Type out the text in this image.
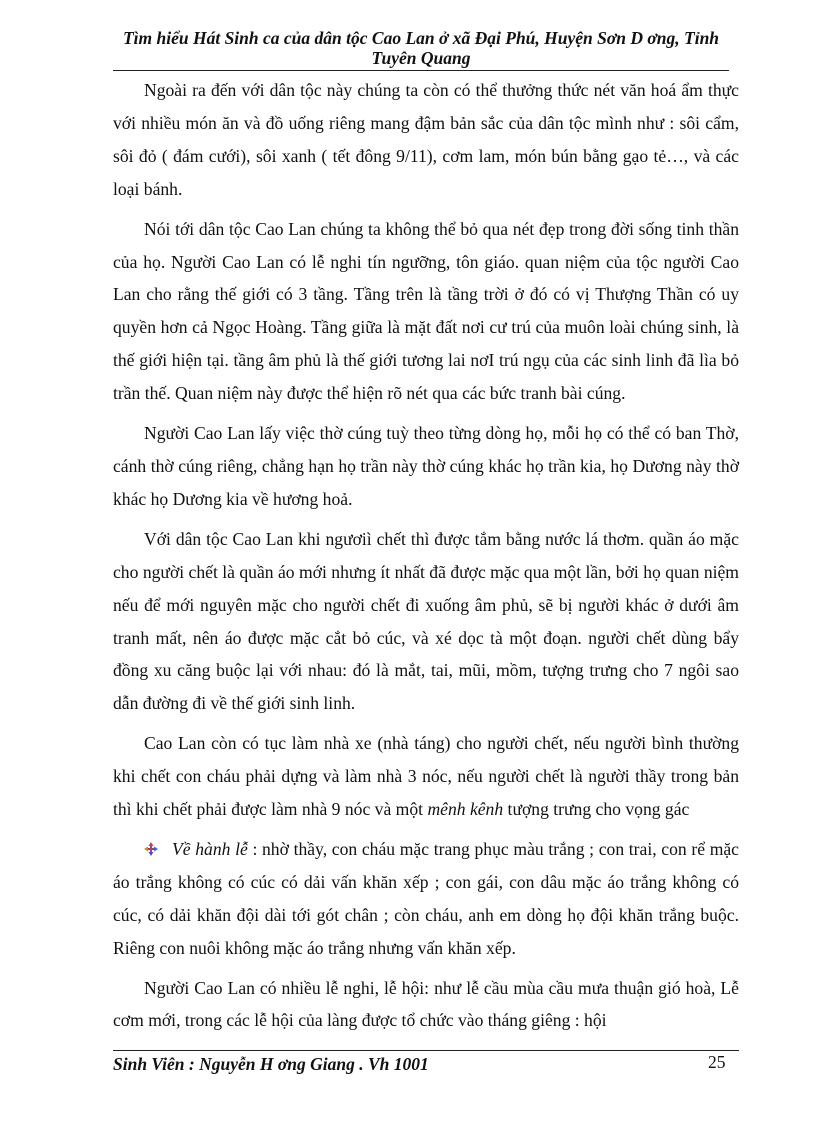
Tìm hiểu Hát Sinh ca của dân tộc Cao Lan ở xã Đại Phú, Huyện Sơn D ơng, Tỉnh Tuyên Quang

Ngoài ra đến với dân tộc này chúng ta còn có thể thưởng thức nét văn hoá ẩm thực với nhiều món ăn và đồ uống riêng mang đậm bản sắc của dân tộc mình như : sôi cẩm, sôi đỏ ( đám cưới), sôi xanh ( tết đông 9/11), cơm lam, món bún bằng gạo tẻ…, và các loại bánh.

Nói tới dân tộc Cao Lan chúng ta không thể bỏ qua nét đẹp trong đời sống tinh thần của họ. Người Cao Lan có lễ nghi tín ngưỡng, tôn giáo. quan niệm của tộc người Cao Lan cho rằng thế giới có 3 tầng. Tầng trên là tầng trời ở đó có vị Thượng Thần có uy quyền hơn cả Ngọc Hoàng. Tầng giữa là mặt đất nơi cư trú của muôn loài chúng sinh, là thế giới hiện tại. tầng âm phủ là thế giới tương lai nơI trú ngụ của các sinh linh đã lìa bỏ trần thế. Quan niệm này được thể hiện rõ nét qua các bức tranh bài cúng.

Người Cao Lan lấy việc thờ cúng tuỳ theo từng dòng họ, mỗi họ có thể có ban Thờ, cánh thờ cúng riêng, chẳng hạn họ trần này thờ cúng khác họ trần kia, họ Dương này thờ khác họ Dương kia về hương hoả.

Với dân tộc Cao Lan khi ngươiì chết thì được tắm bằng nước lá thơm. quần áo mặc cho người chết là quần áo mới nhưng ít nhất đã được mặc qua một lần, bởi họ quan niệm nếu để mới nguyên mặc cho người chết đi xuống âm phủ, sẽ bị người khác ở dưới âm tranh mất, nên áo được mặc cắt bỏ cúc, và xé dọc tà một đoạn. người chết dùng bẩy đồng xu căng buộc lại với nhau: đó là mắt, tai, mũi, mồm, tượng trưng cho 7 ngôi sao dẫn đường đi về thế giới sinh linh.

Cao Lan còn có tục làm nhà xe (nhà táng) cho người chết, nếu người bình thường khi chết con cháu phải dựng và làm nhà 3 nóc, nếu người chết là người thầy trong bản thì khi chết phải được làm nhà 9 nóc và một mênh kênh tượng trưng cho vọng gác

Về hành lễ : nhờ thầy, con cháu mặc trang phục màu trắng ; con trai, con rể mặc áo trắng không có cúc có dải vấn khăn xếp ; con gái, con dâu mặc áo trắng không có cúc, có dải khăn đội dài tới gót chân ; còn cháu, anh em dòng họ đội khăn trắng buộc. Riêng con nuôi không mặc áo trắng nhưng vấn khăn xếp.

Người Cao Lan có nhiều lễ nghi, lễ hội: như lễ cầu mùa cầu mưa thuận gió hoà, Lễ cơm mới, trong các lễ hội của làng được tổ chức vào tháng giêng : hội

Sinh Viên : Nguyễn H ơng Giang . Vh 1001	25
